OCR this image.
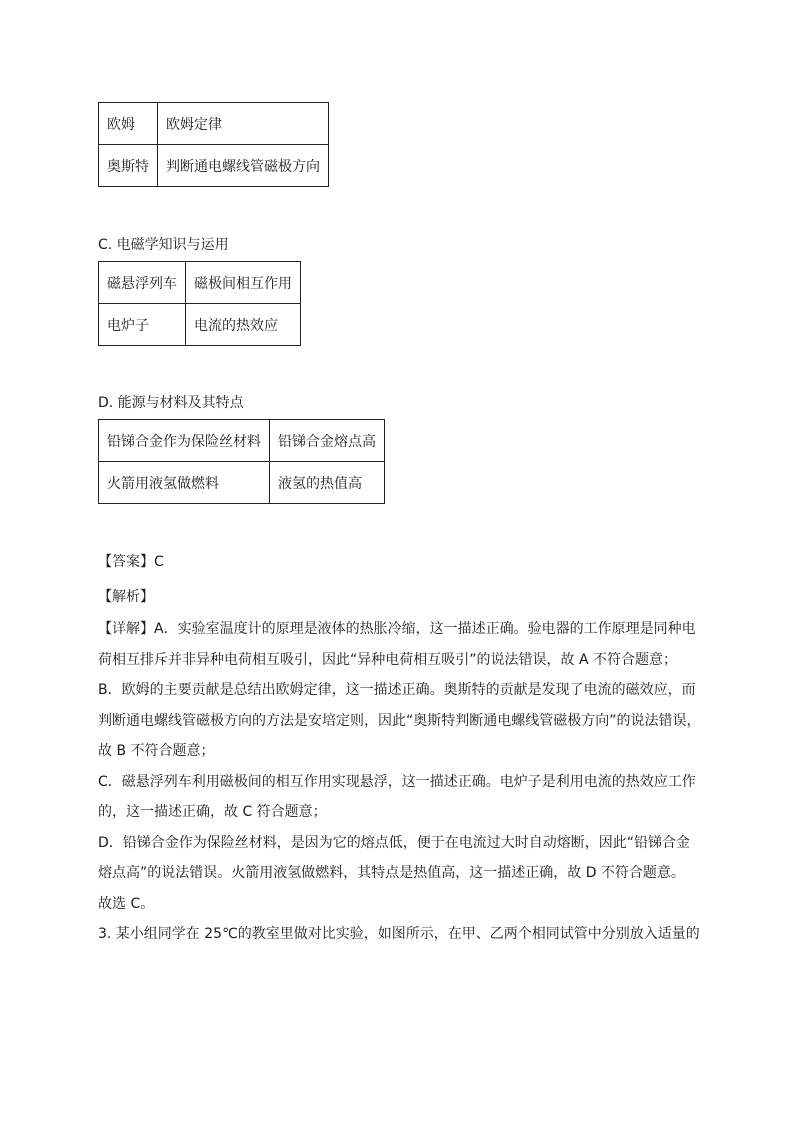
欧姆	欧姆定律
奥斯特	判断通电螺线管磁极方向
C. 电磁学知识与运用
磁悬浮列车	磁极间相互作用
电炉子	电流的热效应
D. 能源与材料及其特点
铅锑合金作为保险丝材料	铅锑合金熔点高
火箭用液氢做燃料	液氢的热值高
【答案】C
【解析】

【详解】A．实验室温度计的原理是液体的热胀冷缩，这一描述正确。验电器的工作原理是同种电

荷相互排斥并非异种电荷相互吸引，因此“异种电荷相互吸引”的说法错误，故 A 不符合题意；

B．欧姆的主要贡献是总结出欧姆定律，这一描述正确。奥斯特的贡献是发现了电流的磁效应，而

判断通电螺线管磁极方向的方法是安培定则，因此“奥斯特判断通电螺线管磁极方向”的说法错误，

故 B 不符合题意；

C．磁悬浮列车利用磁极间的相互作用实现悬浮，这一描述正确。电炉子是利用电流的热效应工作

的，这一描述正确，故 C 符合题意；

D．铅锑合金作为保险丝材料，是因为它的熔点低，便于在电流过大时自动熔断，因此“铅锑合金

熔点高”的说法错误。火箭用液氢做燃料，其特点是热值高，这一描述正确，故 D 不符合题意。

故选 C。

3. 某小组同学在 25℃的教室里做对比实验，如图所示，在甲、乙两个相同试管中分别放入适量的
